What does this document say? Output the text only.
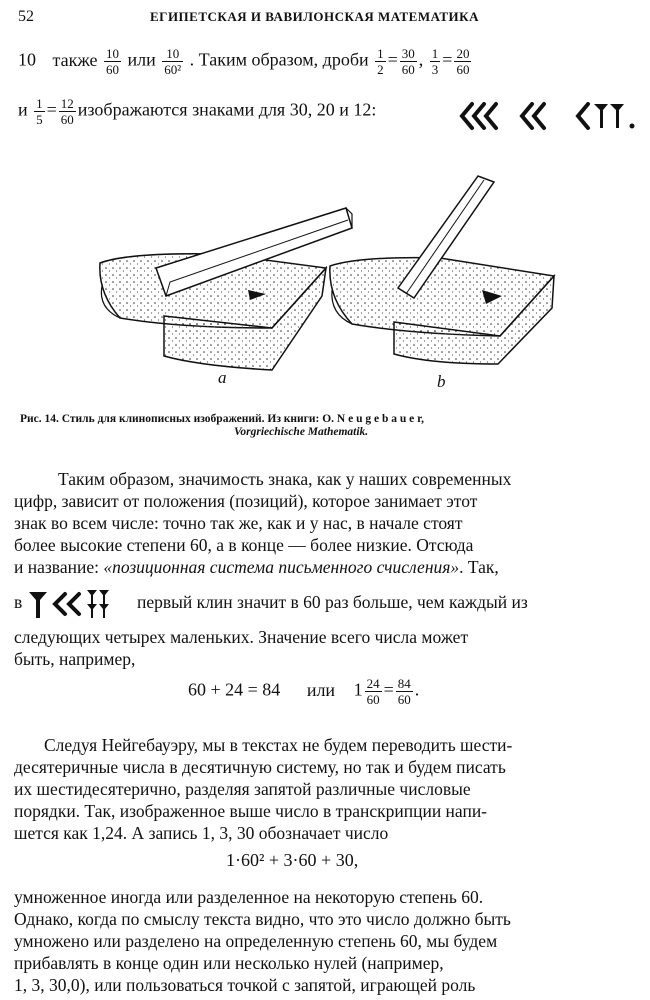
52	ЕГИПЕТСКАЯ И ВАВИЛОНСКАЯ МАТЕМАТИКА
10 также $\frac{10}{60}$ или $\frac{10}{\text{60²}}$ . Таким образом, дроби $\frac{1}{2} = \frac{30}{60}$ , $\frac{1}{3} = \frac{20}{60}$
и $\frac{1}{5} = \frac{12}{60}$ изображаются знаками для 30, 20 и 12:
a	b
Рис. 14. Стиль для клинописных изображений. Из книги: O. N e u g e b a u e r,
Vorgriechische Mathematik.
Таким образом, значимость знака, как у наших современных
цифр, зависит от положения (позиций), которое занимает этот
знак во всем числе: точно так же, как и у нас, в начале стоят
более высокие степени 60, а в конце — более низкие. Отсюда
и название: «позиционная система письменного счисления». Так,
в	первый клин значит в 60 раз больше, чем каждый из
следующих четырех маленьких. Значение всего числа может
быть, например,
60 + 24 = 84 или $1 \frac{24}{60} = \frac{84}{60}$ .
Следуя Нейгебауэру, мы в текстах не будем переводить шести-
десятеричные числа в десятичную систему, но так и будем писать
их шестидесятерично, разделяя запятой различные числовые
порядки. Так, изображенное выше число в транскрипции напи-
шется как 1,24. А запись 1, 3, 30 обозначает число
1·60² + 3·60 + 30,
умноженное иногда или разделенное на некоторую степень 60.
Однако, когда по смыслу текста видно, что это число должно быть
умножено или разделено на определенную степень 60, мы будем
прибавлять в конце один или несколько нулей (например,
1, 3, 30,0), или пользоваться точкой с запятой, играющей роль
